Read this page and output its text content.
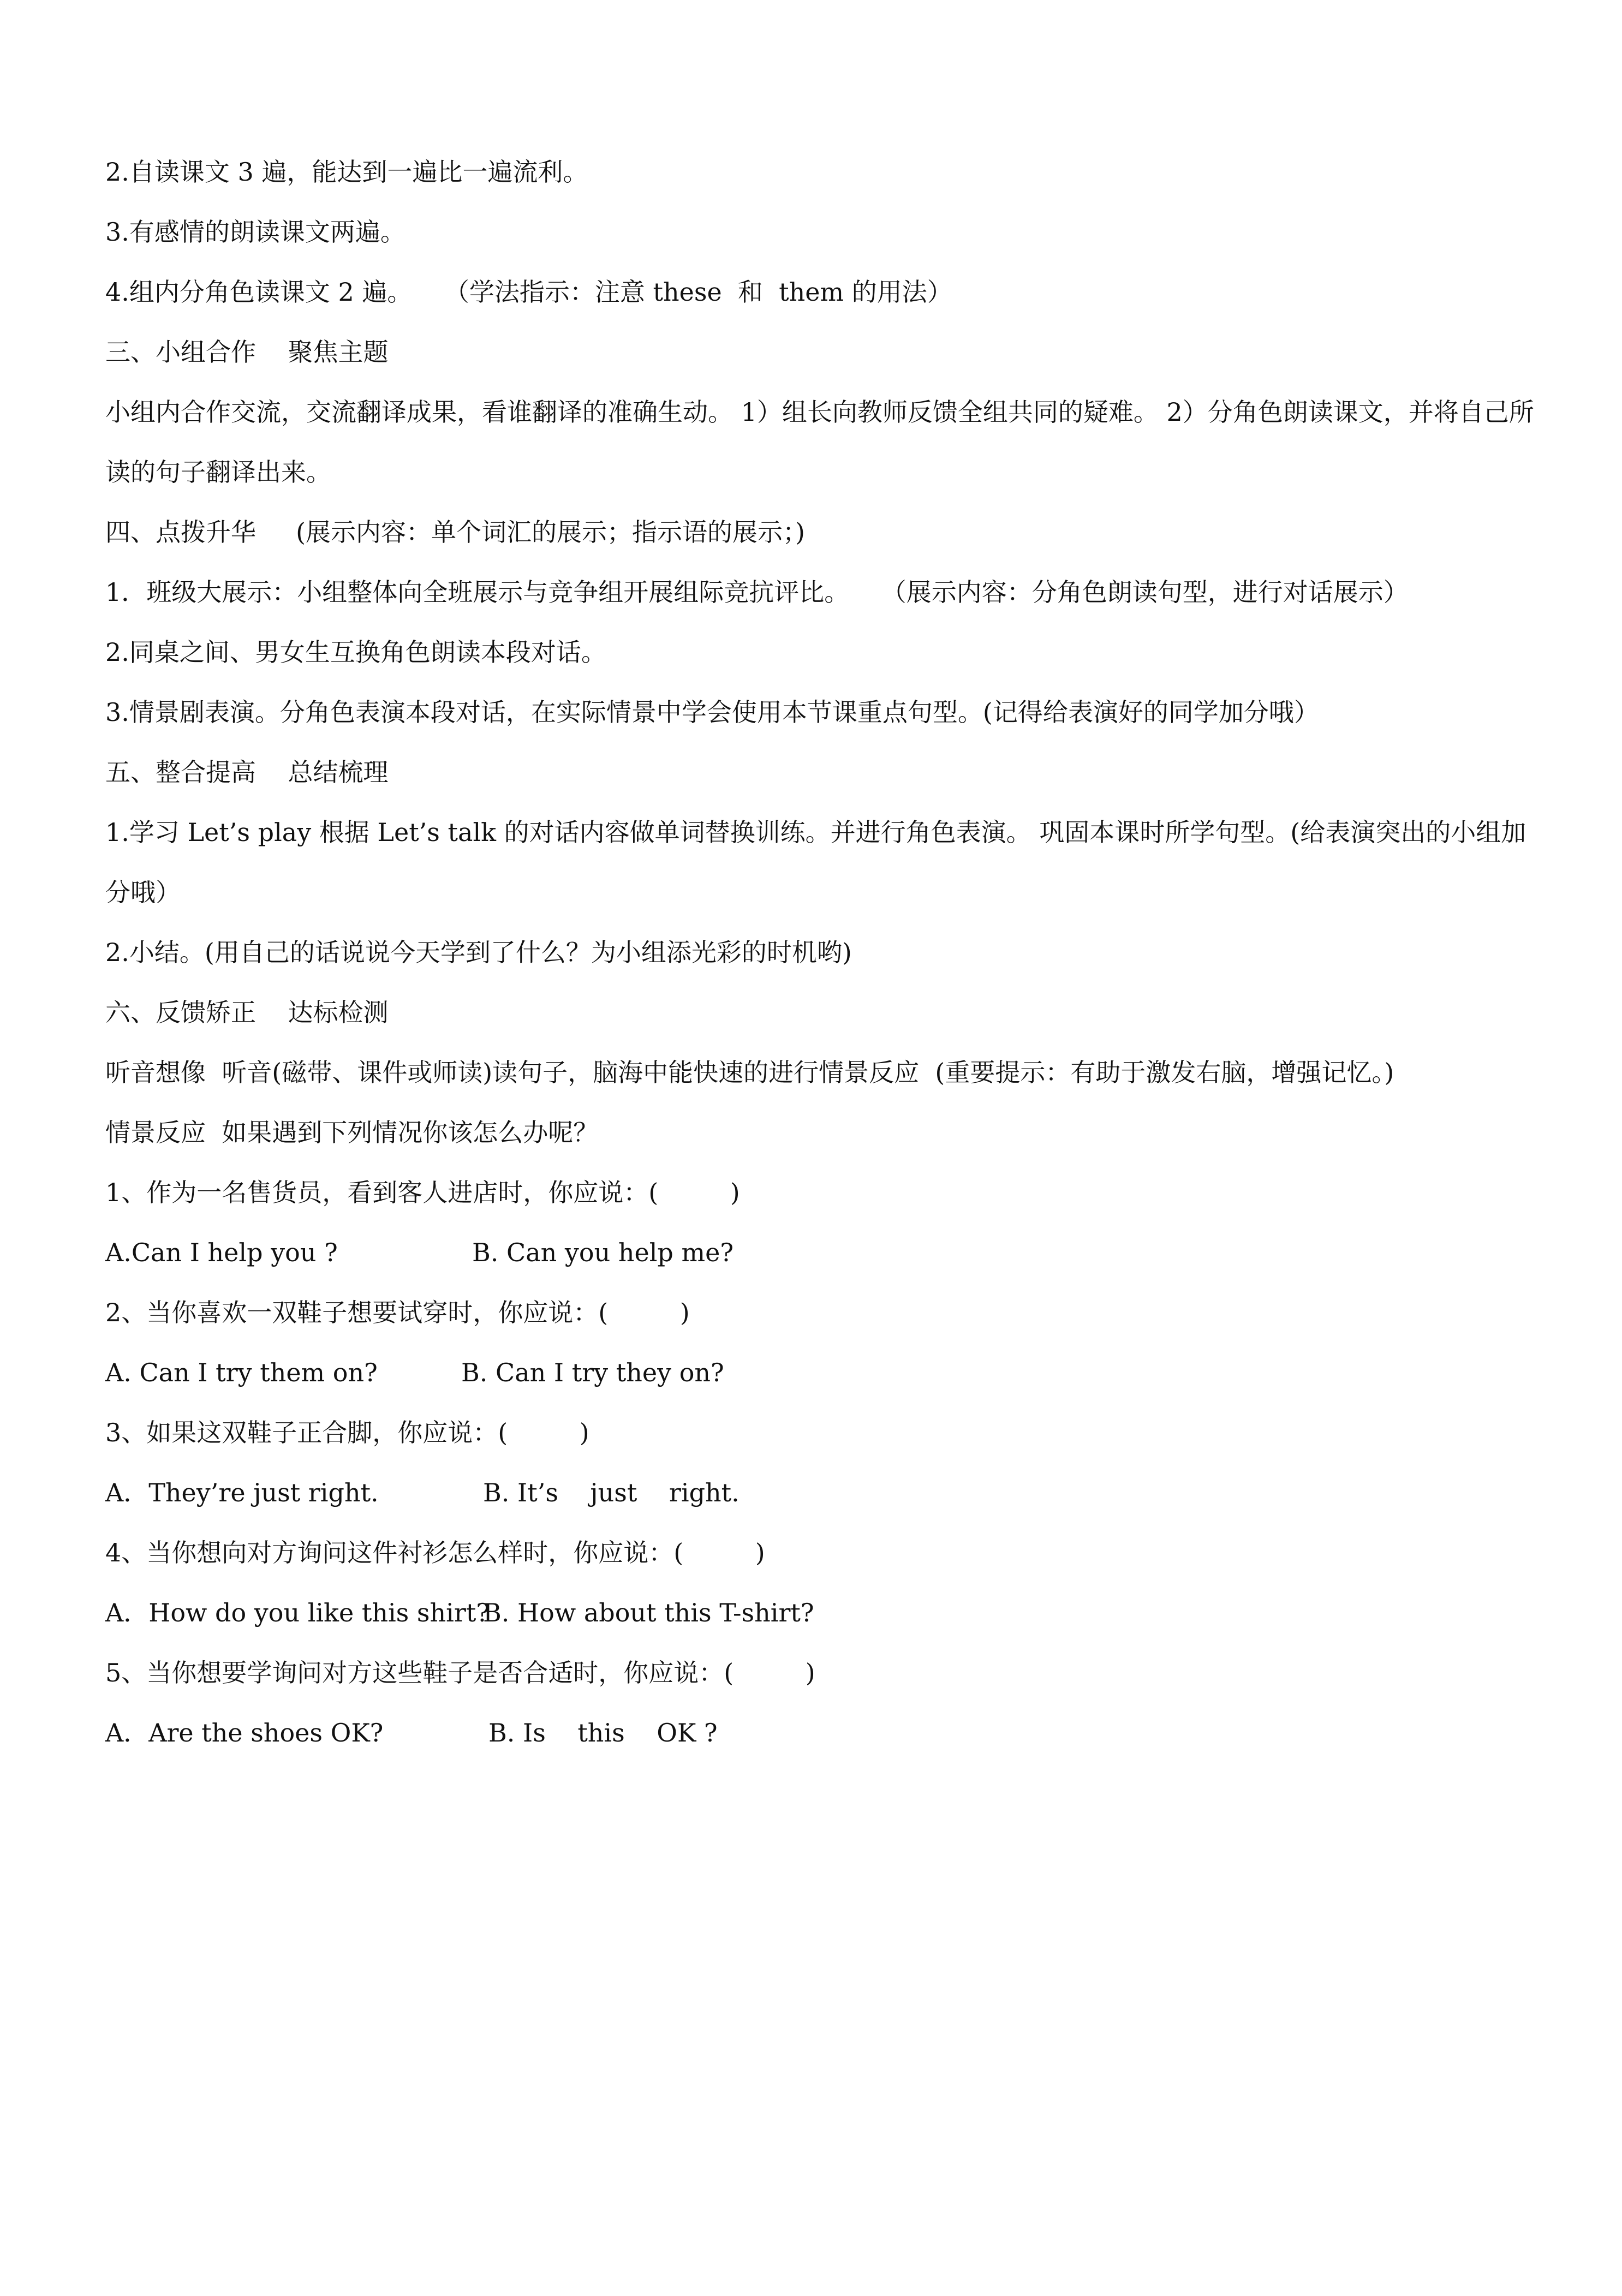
2.自读课文 3 遍，能达到一遍比一遍流利。
3.有感情的朗读课文两遍。
4.组内分角色读课文 2 遍。    （学法指示：注意 these  和  them 的用法）
三、小组合作    聚焦主题
小组内合作交流，交流翻译成果，看谁翻译的准确生动。 1）组长向教师反馈全组共同的疑难。 2）分角色朗读课文，并将自己所读的句子翻译出来。
四、点拨升华     (展示内容：单个词汇的展示；指示语的展示；)
1．班级大展示：小组整体向全班展示与竞争组开展组际竞抗评比。    （展示内容：分角色朗读句型，进行对话展示）
2.同桌之间、男女生互换角色朗读本段对话。
3.情景剧表演。分角色表演本段对话，在实际情景中学会使用本节课重点句型。(记得给表演好的同学加分哦）
五、整合提高    总结梳理
1.学习 Let’s play 根据 Let’s talk 的对话内容做单词替换训练。并进行角色表演。 巩固本课时所学句型。(给表演突出的小组加分哦）
2.小结。(用自己的话说说今天学到了什么？为小组添光彩的时机哟)
六、反馈矫正    达标检测
听音想像  听音(磁带、课件或师读)读句子，脑海中能快速的进行情景反应  (重要提示：有助于激发右脑，增强记忆。)
情景反应  如果遇到下列情况你该怎么办呢？
1、作为一名售货员，看到客人进店时，你应说：(         )
A.Can I help you ?	B. Can you help me?
2、当你喜欢一双鞋子想要试穿时，你应说：(         )
A. Can I try them on?	B. Can I try they on?
3、如果这双鞋子正合脚，你应说：(         )
A．They’re just right.	B. It’s    just    right.
4、当你想向对方询问这件衬衫怎么样时，你应说：(         )
A．How do you like this shirt?
B. How about this T-shirt?
5、当你想要学询问对方这些鞋子是否合适时，你应说：(         )
A．Are the shoes OK?	B. Is    this    OK ?
